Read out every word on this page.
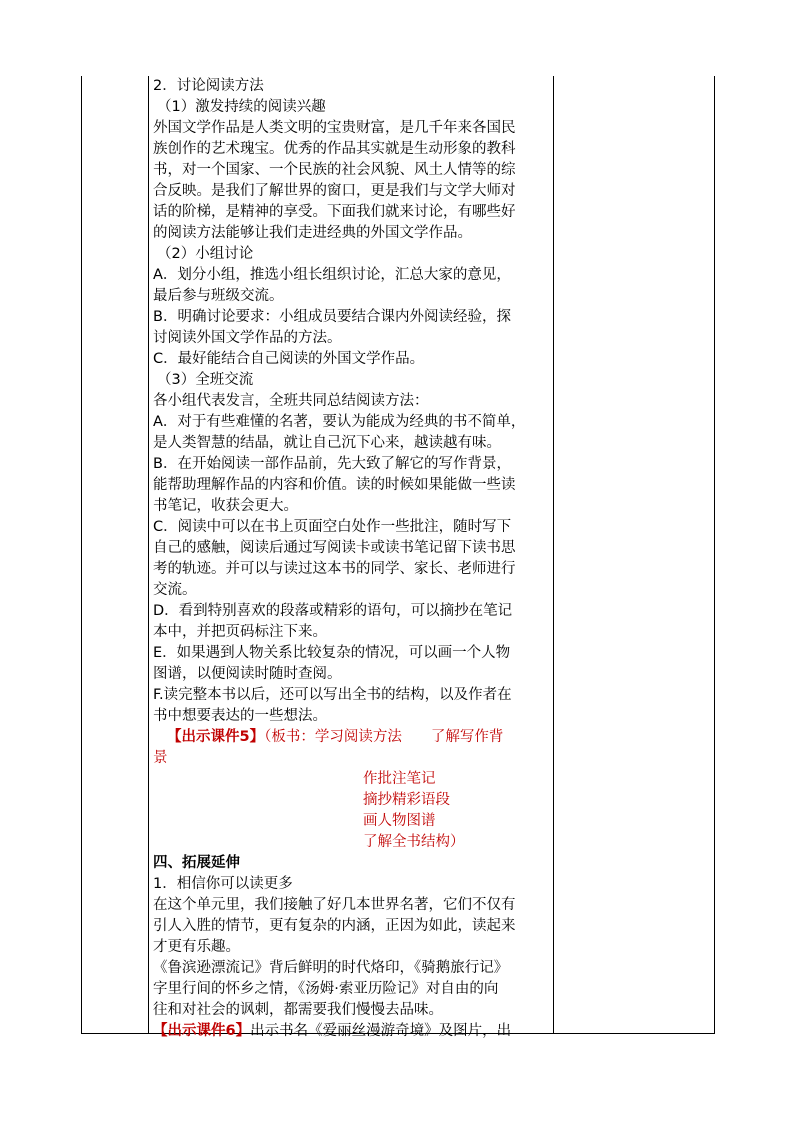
2．讨论阅读方法

（1）激发持续的阅读兴趣

外国文学作品是人类文明的宝贵财富，是几千年来各国民

族创作的艺术瑰宝。优秀的作品其实就是生动形象的教科

书，对一个国家、一个民族的社会风貌、风土人情等的综

合反映。是我们了解世界的窗口，更是我们与文学大师对

话的阶梯，是精神的享受。下面我们就来讨论，有哪些好

的阅读方法能够让我们走进经典的外国文学作品。

（2）小组讨论

A．划分小组，推选小组长组织讨论，汇总大家的意见，

最后参与班级交流。

B．明确讨论要求：小组成员要结合课内外阅读经验，探

讨阅读外国文学作品的方法。

C．最好能结合自己阅读的外国文学作品。

（3）全班交流

各小组代表发言，全班共同总结阅读方法：

A．对于有些难懂的名著，要认为能成为经典的书不简单，

是人类智慧的结晶，就让自己沉下心来，越读越有味。

B．在开始阅读一部作品前，先大致了解它的写作背景，

能帮助理解作品的内容和价值。读的时候如果能做一些读

书笔记，收获会更大。

C．阅读中可以在书上页面空白处作一些批注，随时写下

自己的感触，阅读后通过写阅读卡或读书笔记留下读书思

考的轨迹。并可以与读过这本书的同学、家长、老师进行

交流。

D．看到特别喜欢的段落或精彩的语句，可以摘抄在笔记

本中，并把页码标注下来。

E．如果遇到人物关系比较复杂的情况，可以画一个人物

图谱，以便阅读时随时查阅。

F.读完整本书以后，还可以写出全书的结构，以及作者在

书中想要表达的一些想法。

【出示课件5】（板书：学习阅读方法　　了解写作背

景

作批注笔记

摘抄精彩语段

画人物图谱

了解全书结构）

四、拓展延伸

1．相信你可以读更多

在这个单元里，我们接触了好几本世界名著，它们不仅有

引人入胜的情节，更有复杂的内涵，正因为如此，读起来

才更有乐趣。

《鲁滨逊漂流记》背后鲜明的时代烙印，《骑鹅旅行记》

字里行间的怀乡之情，《汤姆·索亚历险记》对自由的向

往和对社会的讽刺，都需要我们慢慢去品味。

【出示课件6】出示书名《爱丽丝漫游奇境》及图片，出
